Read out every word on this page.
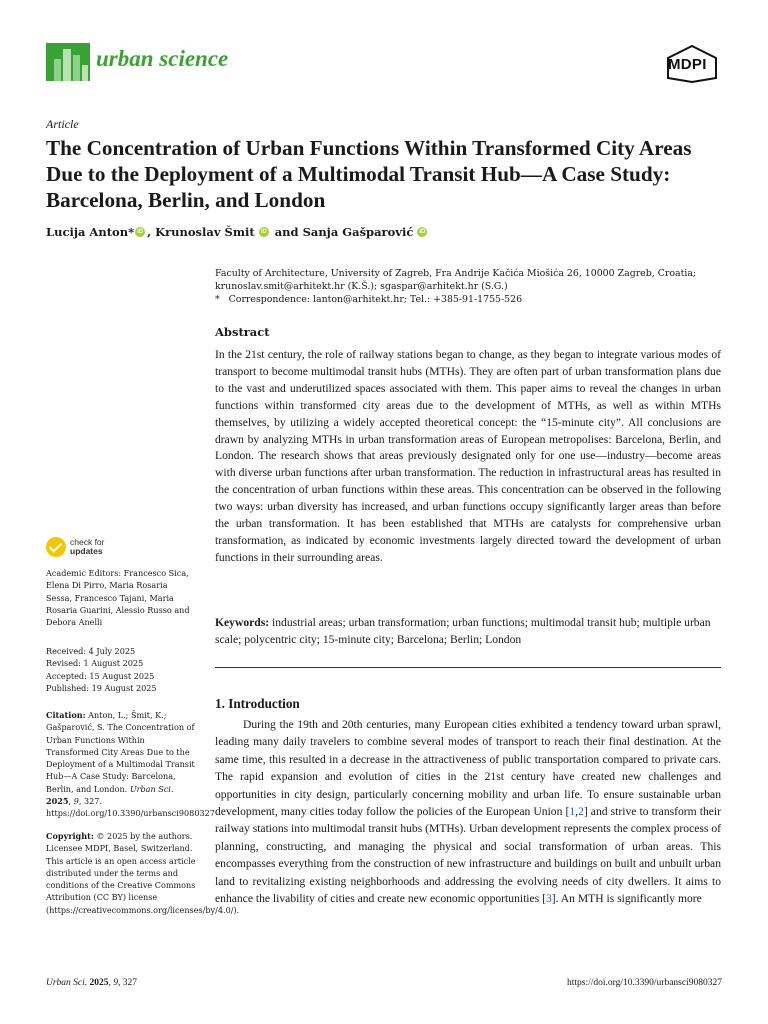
urban science	MDPI
Article
The Concentration of Urban Functions Within Transformed City Areas Due to the Deployment of a Multimodal Transit Hub—A Case Study: Barcelona, Berlin, and London
Lucija Anton * iD , Krunoslav Šmit	iD and Sanja Gašparović	iD
Faculty of Architecture, University of Zagreb, Fra Andrije Kačića Miošića 26, 10000 Zagreb, Croatia;
krunoslav.smit@arhitekt.hr (K.Š.); sgaspar@arhitekt.hr (S.G.)
*   Correspondence: lanton@arhitekt.hr; Tel.: +385-91-1755-526
Abstract
In the 21st century, the role of railway stations began to change, as they began to integrate various modes of transport to become multimodal transit hubs (MTHs). They are often part of urban transformation plans due to the vast and underutilized spaces associated with them. This paper aims to reveal the changes in urban functions within transformed city areas due to the development of MTHs, as well as within MTHs themselves, by utilizing a widely accepted theoretical concept: the “15-minute city”. All conclusions are drawn by analyzing MTHs in urban transformation areas of European metropolises: Barcelona, Berlin, and London. The research shows that areas previously designated only for one use—industry—become areas with diverse urban functions after urban transformation. The reduction in infrastructural areas has resulted in the concentration of urban functions within these areas. This concentration can be observed in the following two ways: urban diversity has increased, and urban functions occupy significantly larger areas than before the urban transformation. It has been established that MTHs are catalysts for comprehensive urban transformation, as indicated by economic investments largely directed toward the development of urban functions in their surrounding areas.
Keywords: industrial areas; urban transformation; urban functions; multimodal transit hub; multiple urban scale; polycentric city; 15-minute city; Barcelona; Berlin; London
check for
updates
Academic Editors: Francesco Sica, Elena Di Pirro, Maria Rosaria Sessa, Francesco Tajani, Maria Rosaria Guarini, Alessio Russo and Debora Anelli
Received: 4 July 2025
Revised: 1 August 2025
Accepted: 15 August 2025
Published: 19 August 2025
Citation: Anton, L.; Šmit, K.; Gašparović, S. The Concentration of Urban Functions Within Transformed City Areas Due to the Deployment of a Multimodal Transit Hub—A Case Study: Barcelona, Berlin, and London. Urban Sci. 2025, 9, 327. https://doi.org/10.3390/urbansci9080327
Copyright: © 2025 by the authors. Licensee MDPI, Basel, Switzerland. This article is an open access article distributed under the terms and conditions of the Creative Commons Attribution (CC BY) license (https://creativecommons.org/licenses/by/4.0/).
1. Introduction
During the 19th and 20th centuries, many European cities exhibited a tendency toward urban sprawl, leading many daily travelers to combine several modes of transport to reach their final destination. At the same time, this resulted in a decrease in the attractiveness of public transportation compared to private cars. The rapid expansion and evolution of cities in the 21st century have created new challenges and opportunities in city design, particularly concerning mobility and urban life. To ensure sustainable urban development, many cities today follow the policies of the European Union [1,2] and strive to transform their railway stations into multimodal transit hubs (MTHs). Urban development represents the complex process of planning, constructing, and managing the physical and social transformation of urban areas. This encompasses everything from the construction of new infrastructure and buildings on built and unbuilt urban land to revitalizing existing neighborhoods and addressing the evolving needs of city dwellers. It aims to enhance the livability of cities and create new economic opportunities [3]. An MTH is significantly more
Urban Sci. 2025, 9, 327	https://doi.org/10.3390/urbansci9080327
